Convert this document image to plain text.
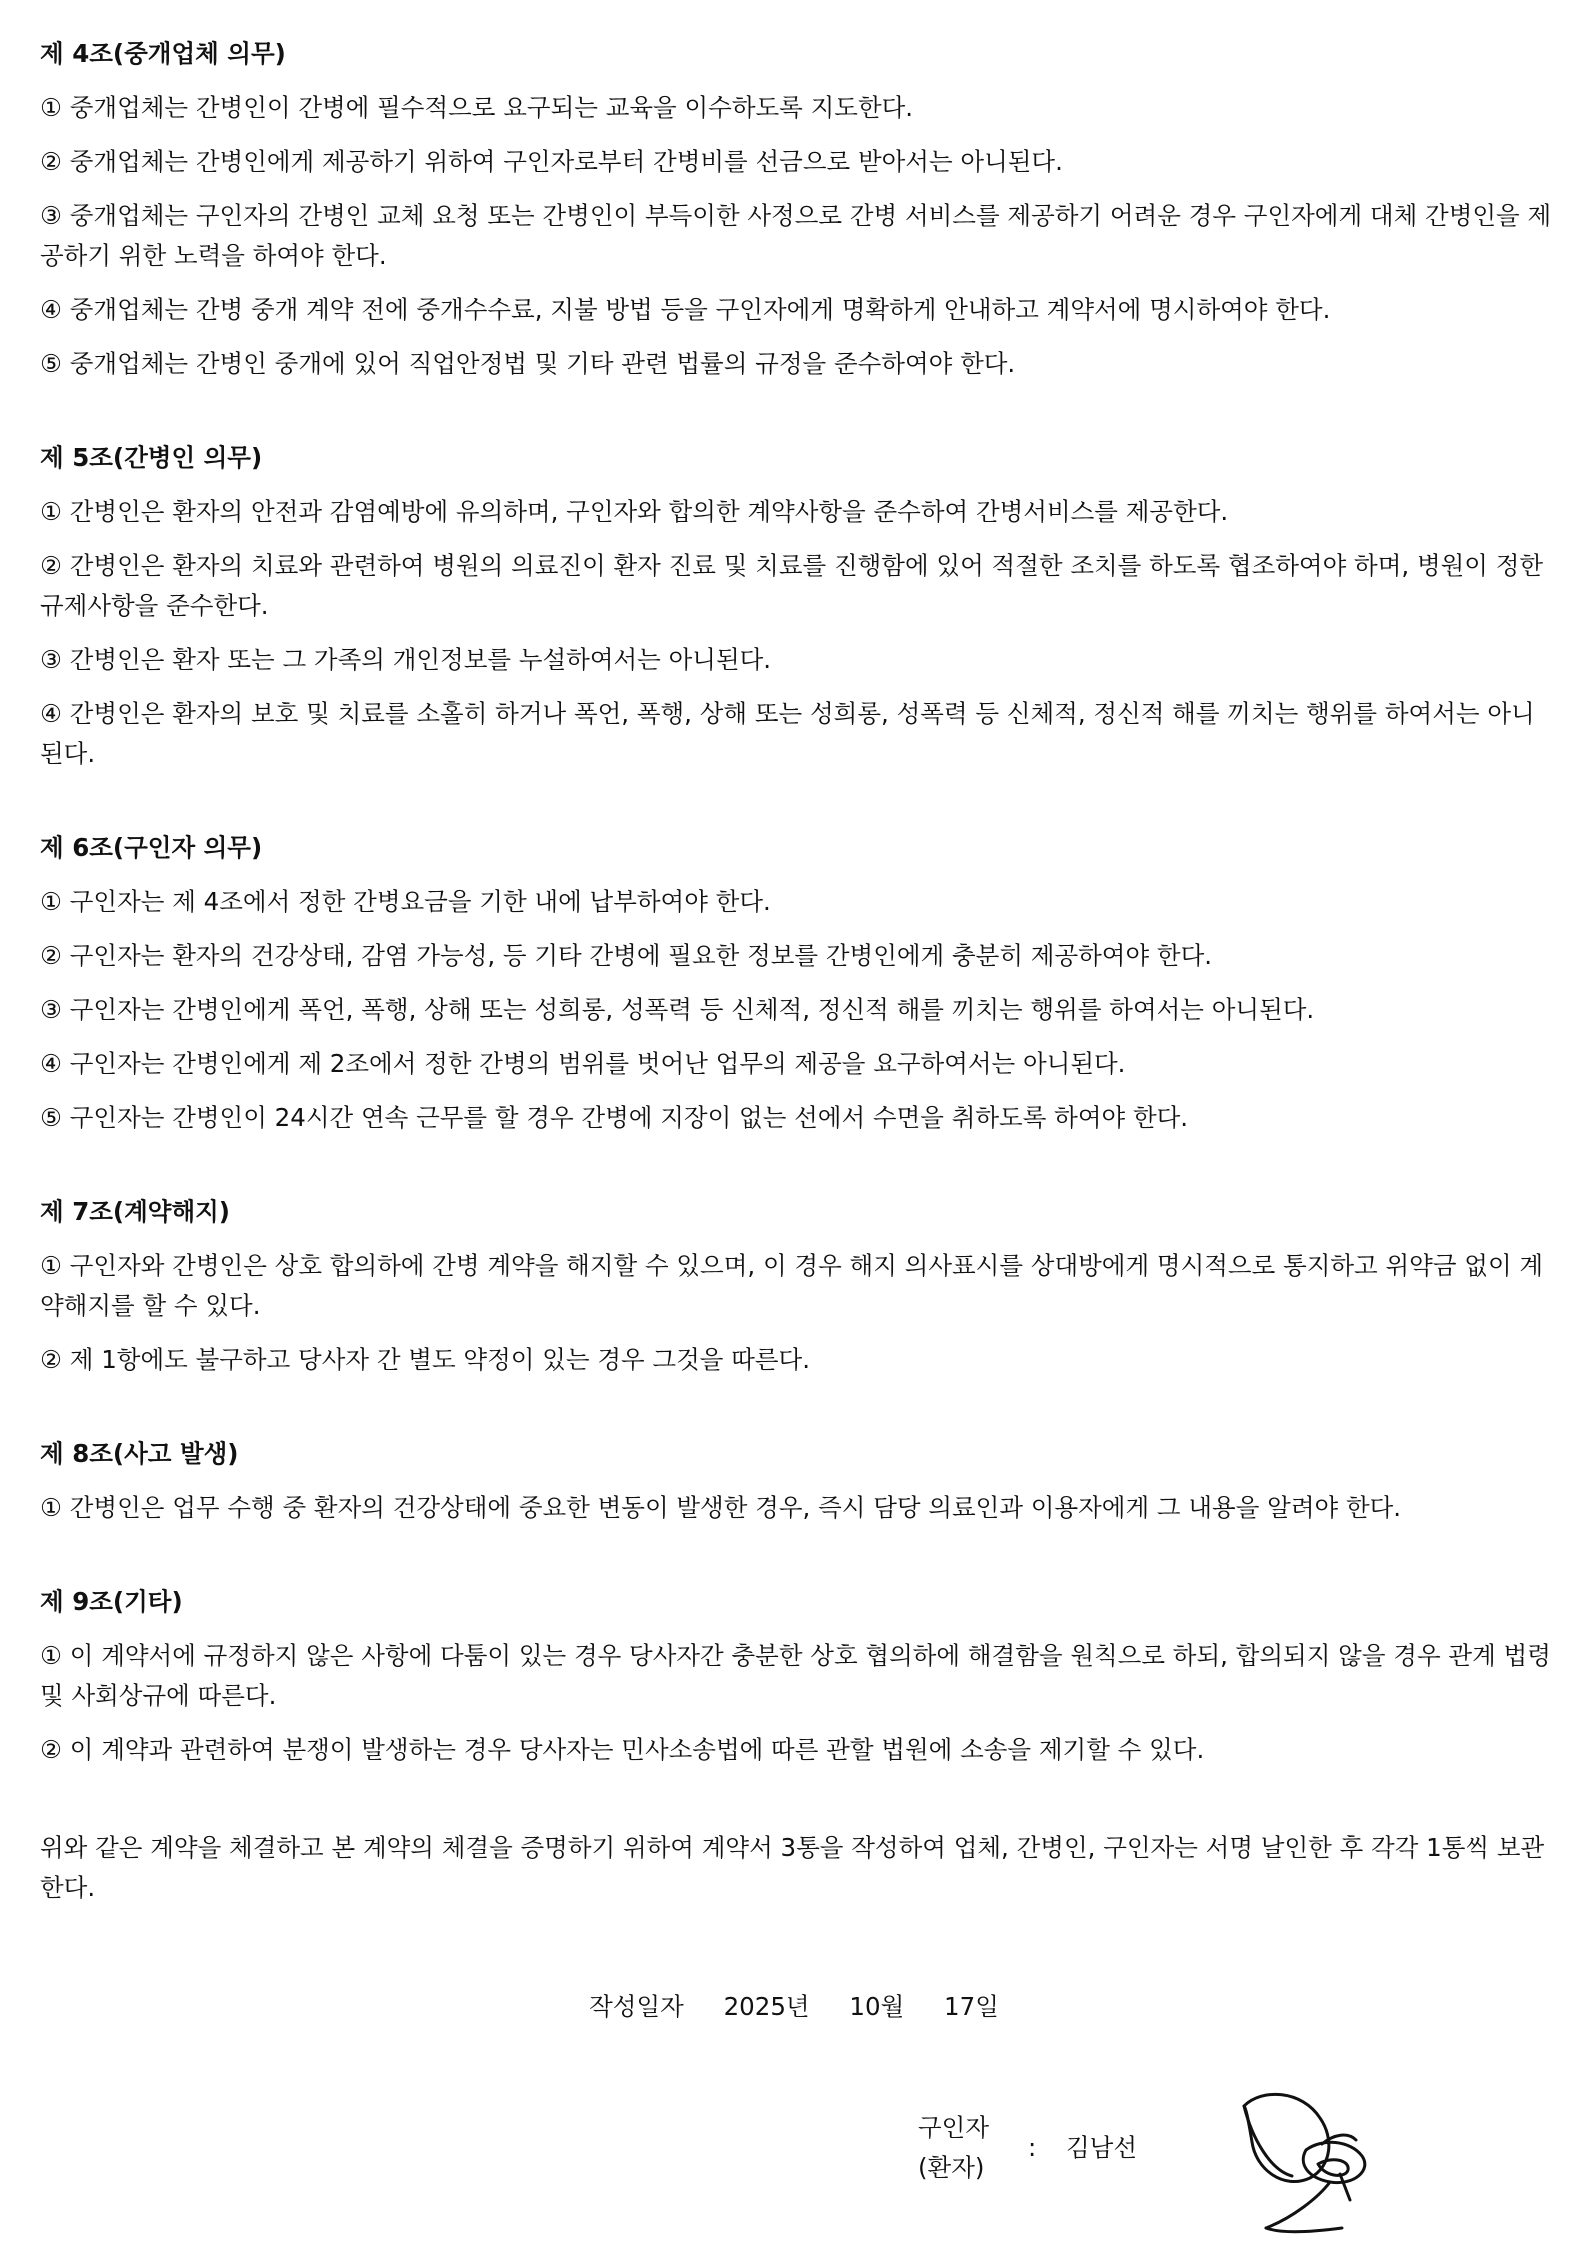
제 4조(중개업체 의무)

① 중개업체는 간병인이 간병에 필수적으로 요구되는 교육을 이수하도록 지도한다.

② 중개업체는 간병인에게 제공하기 위하여 구인자로부터 간병비를 선금으로 받아서는 아니된다.

③ 중개업체는 구인자의 간병인 교체 요청 또는 간병인이 부득이한 사정으로 간병 서비스를 제공하기 어려운 경우 구인자에게 대체 간병인을 제공하기 위한 노력을 하여야 한다.

④ 중개업체는 간병 중개 계약 전에 중개수수료, 지불 방법 등을 구인자에게 명확하게 안내하고 계약서에 명시하여야 한다.

⑤ 중개업체는 간병인 중개에 있어 직업안정법 및 기타 관련 법률의 규정을 준수하여야 한다.

제 5조(간병인 의무)

① 간병인은 환자의 안전과 감염예방에 유의하며, 구인자와 합의한 계약사항을 준수하여 간병서비스를 제공한다.

② 간병인은 환자의 치료와 관련하여 병원의 의료진이 환자 진료 및 치료를 진행함에 있어 적절한 조치를 하도록 협조하여야 하며, 병원이 정한 규제사항을 준수한다.

③ 간병인은 환자 또는 그 가족의 개인정보를 누설하여서는 아니된다.

④ 간병인은 환자의 보호 및 치료를 소홀히 하거나 폭언, 폭행, 상해 또는 성희롱, 성폭력 등 신체적, 정신적 해를 끼치는 행위를 하여서는 아니된다.

제 6조(구인자 의무)

① 구인자는 제 4조에서 정한 간병요금을 기한 내에 납부하여야 한다.

② 구인자는 환자의 건강상태, 감염 가능성, 등 기타 간병에 필요한 정보를 간병인에게 충분히 제공하여야 한다.

③ 구인자는 간병인에게 폭언, 폭행, 상해 또는 성희롱, 성폭력 등 신체적, 정신적 해를 끼치는 행위를 하여서는 아니된다.

④ 구인자는 간병인에게 제 2조에서 정한 간병의 범위를 벗어난 업무의 제공을 요구하여서는 아니된다.

⑤ 구인자는 간병인이 24시간 연속 근무를 할 경우 간병에 지장이 없는 선에서 수면을 취하도록 하여야 한다.

제 7조(계약해지)

① 구인자와 간병인은 상호 합의하에 간병 계약을 해지할 수 있으며, 이 경우 해지 의사표시를 상대방에게 명시적으로 통지하고 위약금 없이 계약해지를 할 수 있다.

② 제 1항에도 불구하고 당사자 간 별도 약정이 있는 경우 그것을 따른다.

제 8조(사고 발생)

① 간병인은 업무 수행 중 환자의 건강상태에 중요한 변동이 발생한 경우, 즉시 담당 의료인과 이용자에게 그 내용을 알려야 한다.

제 9조(기타)

① 이 계약서에 규정하지 않은 사항에 다툼이 있는 경우 당사자간 충분한 상호 협의하에 해결함을 원칙으로 하되, 합의되지 않을 경우 관계 법령 및 사회상규에 따른다.

② 이 계약과 관련하여 분쟁이 발생하는 경우 당사자는 민사소송법에 따른 관할 법원에 소송을 제기할 수 있다.

위와 같은 계약을 체결하고 본 계약의 체결을 증명하기 위하여 계약서 3통을 작성하여 업체, 간병인, 구인자는 서명 날인한 후 각각 1통씩 보관한다.

작성일자 2025년 10월 17일
구인자
(환자)
: 김남선
